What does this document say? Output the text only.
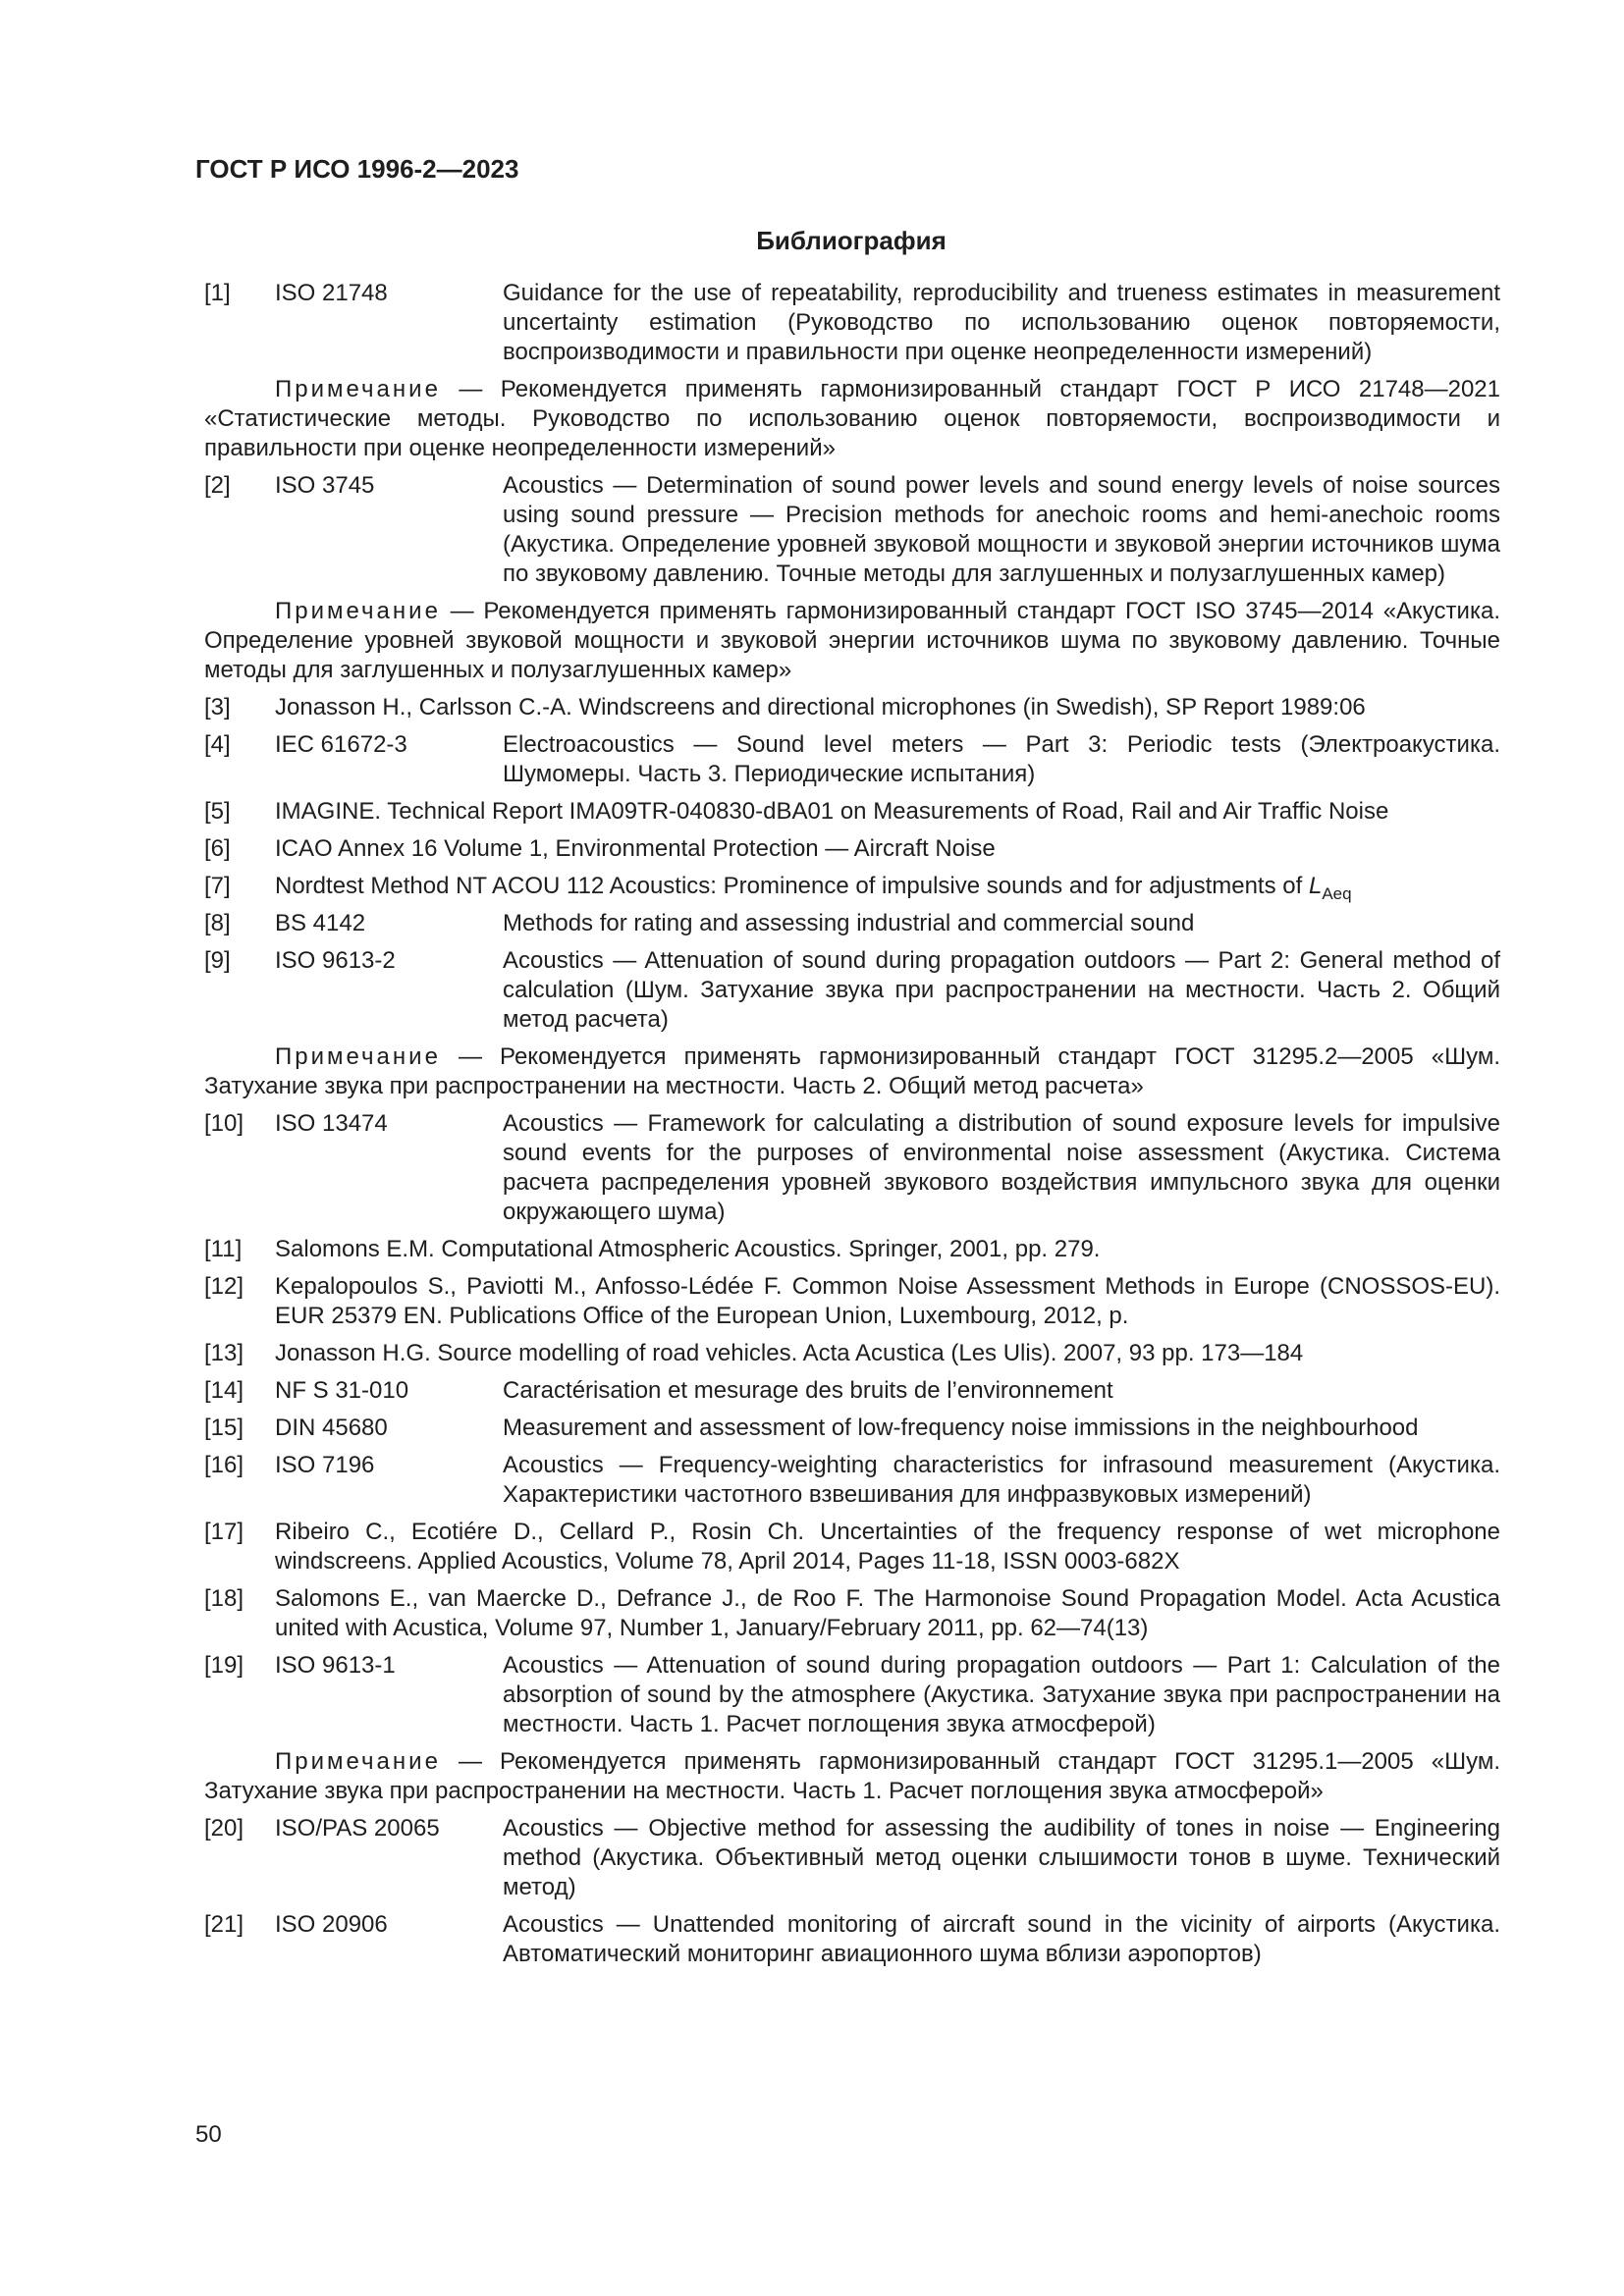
ГОСТ Р ИСО 1996-2—2023
Библиография
[1]	ISO 21748	Guidance for the use of repeatability, reproducibility and trueness estimates in measurement uncertainty estimation (Руководство по использованию оценок повторяемости, воспроизводимости и правильности при оценке неопределенности измерений)
Примечание — Рекомендуется применять гармонизированный стандарт ГОСТ Р ИСО 21748—2021 «Статистические методы. Руководство по использованию оценок повторяемости, воспроизводимости и правильности при оценке неопределенности измерений»
[2]	ISO 3745	Acoustics — Determination of sound power levels and sound energy levels of noise sources using sound pressure — Precision methods for anechoic rooms and hemi-anechoic rooms (Акустика. Определение уровней звуковой мощности и звуковой энергии источников шума по звуковому давлению. Точные методы для заглушенных и полузаглушенных камер)
Примечание — Рекомендуется применять гармонизированный стандарт ГОСТ ISO 3745—2014 «Акустика. Определение уровней звуковой мощности и звуковой энергии источников шума по звуковому давлению. Точные методы для заглушенных и полузаглушенных камер»
[3]	Jonasson H., Carlsson C.-A. Windscreens and directional microphones (in Swedish), SP Report 1989:06
[4]	IEC 61672-3	Electroacoustics — Sound level meters — Part 3: Periodic tests (Электроакустика. Шумомеры. Часть 3. Периодические испытания)
[5]	IMAGINE. Technical Report IMA09TR-040830-dBA01 on Measurements of Road, Rail and Air Traffic Noise
[6]	ICAO Annex 16 Volume 1, Environmental Protection — Aircraft Noise
[7]	Nordtest Method NT ACOU 112 Acoustics: Prominence of impulsive sounds and for adjustments of $L_{Aeq}$
[8]	BS 4142	Methods for rating and assessing industrial and commercial sound
[9]	ISO 9613-2	Acoustics — Attenuation of sound during propagation outdoors — Part 2: General method of calculation (Шум. Затухание звука при распространении на местности. Часть 2. Общий метод расчета)
Примечание — Рекомендуется применять гармонизированный стандарт ГОСТ 31295.2—2005 «Шум. Затухание звука при распространении на местности. Часть 2. Общий метод расчета»
[10]	ISO 13474	Acoustics — Framework for calculating a distribution of sound exposure levels for impulsive sound events for the purposes of environmental noise assessment (Акустика. Система расчета распределения уровней звукового воздействия импульсного звука для оценки окружающего шума)
[11]	Salomons E.M. Computational Atmospheric Acoustics. Springer, 2001, pp. 279.
[12]	Kepalopoulos S., Paviotti M., Anfosso-Lédée F. Common Noise Assessment Methods in Europe (CNOSSOS-EU). EUR 25379 EN. Publications Office of the European Union, Luxembourg, 2012, p.
[13]	Jonasson H.G. Source modelling of road vehicles. Acta Acustica (Les Ulis). 2007, 93 pp. 173—184
[14]	NF S 31-010	Caractérisation et mesurage des bruits de l’environnement
[15]	DIN 45680	Measurement and assessment of low-frequency noise immissions in the neighbourhood
[16]	ISO 7196	Acoustics — Frequency-weighting characteristics for infrasound measurement (Акустика. Характеристики частотного взвешивания для инфразвуковых измерений)
[17]	Ribeiro C., Ecotiére D., Cellard P., Rosin Ch. Uncertainties of the frequency response of wet microphone windscreens. Applied Acoustics, Volume 78, April 2014, Pages 11-18, ISSN 0003-682X
[18]	Salomons E., van Maercke D., Defrance J., de Roo F. The Harmonoise Sound Propagation Model. Acta Acustica united with Acustica, Volume 97, Number 1, January/February 2011, pp. 62—74(13)
[19]	ISO 9613-1	Acoustics — Attenuation of sound during propagation outdoors — Part 1: Calculation of the absorption of sound by the atmosphere (Акустика. Затухание звука при распространении на местности. Часть 1. Расчет поглощения звука атмосферой)
Примечание — Рекомендуется применять гармонизированный стандарт ГОСТ 31295.1—2005 «Шум. Затухание звука при распространении на местности. Часть 1. Расчет поглощения звука атмосферой»
[20]	ISO/PAS 20065	Acoustics — Objective method for assessing the audibility of tones in noise — Engineering method (Акустика. Объективный метод оценки слышимости тонов в шуме. Технический метод)
[21]	ISO 20906	Acoustics — Unattended monitoring of aircraft sound in the vicinity of airports (Акустика. Автоматический мониторинг авиационного шума вблизи аэропортов)
50
